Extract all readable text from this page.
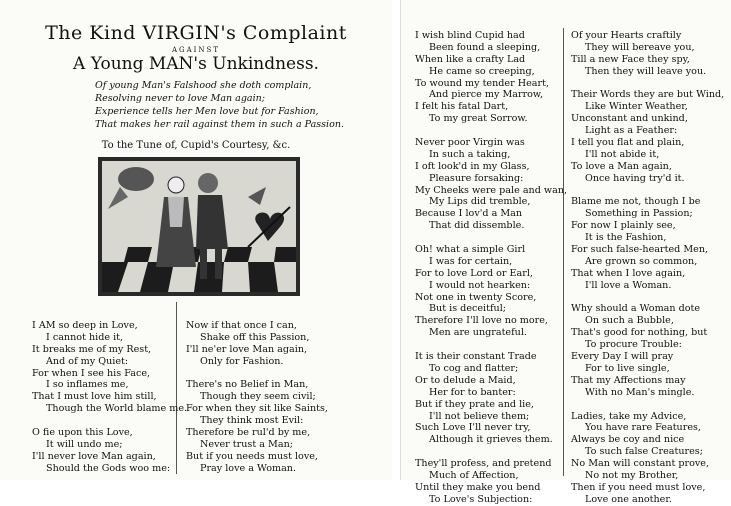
The Kind VIRGIN's Complaint
AGAINST
A Young MAN's Unkindness.
Of young Man's Falshood she doth complain,
Resolving never to love Man again;
Experience tells her Men love but for Fashion,
That makes her rail against them in such a Passion.
To the Tune of, Cupid's Courtesy, &c.
I AM so deep in Love,
I cannot hide it,
It breaks me of my Rest,
And of my Quiet:
For when I see his Face,
I so inflames me,
That I must love him still,
Though the World blame me.
O fie upon this Love,
It will undo me;
I'll never love Man again,
Should the Gods woo me:
Now if that once I can,
Shake off this Passion,
I'll ne'er love Man again,
Only for Fashion.
There's no Belief in Man,
Though they seem civil;
For when they sit like Saints,
They think most Evil:
Therefore be rul'd by me,
Never trust a Man;
But if you needs must love,
Pray love a Woman.
I wish blind Cupid had
Been found a sleeping,
When like a crafty Lad
He came so creeping,
To wound my tender Heart,
And pierce my Marrow,
I felt his fatal Dart,
To my great Sorrow.
Never poor Virgin was
In such a taking,
I oft look'd in my Glass,
Pleasure forsaking:
My Cheeks were pale and wan,
My Lips did tremble,
Because I lov'd a Man
That did dissemble.
Oh! what a simple Girl
I was for certain,
For to love Lord or Earl,
I would not hearken:
Not one in twenty Score,
But is deceitful;
Therefore I'll love no more,
Men are ungrateful.
It is their constant Trade
To cog and flatter;
Or to delude a Maid,
Her for to banter:
But if they prate and lie,
I'll not believe them;
Such Love I'll never try,
Although it grieves them.
They'll profess, and pretend
Much of Affection,
Until they make you bend
To Love's Subjection:
Of your Hearts craftily
They will bereave you,
Till a new Face they spy,
Then they will leave you.
Their Words they are but Wind,
Like Winter Weather,
Unconstant and unkind,
Light as a Feather:
I tell you flat and plain,
I'll not abide it,
To love a Man again,
Once having try'd it.
Blame me not, though I be
Something in Passion;
For now I plainly see,
It is the Fashion,
For such false-hearted Men,
Are grown so common,
That when I love again,
I'll love a Woman.
Why should a Woman dote
On such a Bubble,
That's good for nothing, but
To procure Trouble:
Every Day I will pray
For to live single,
That my Affections may
With no Man's mingle.
Ladies, take my Advice,
You have rare Features,
Always be coy and nice
To such false Creatures;
No Man will constant prove,
No not my Brother,
Then if you need must love,
Love one another.
